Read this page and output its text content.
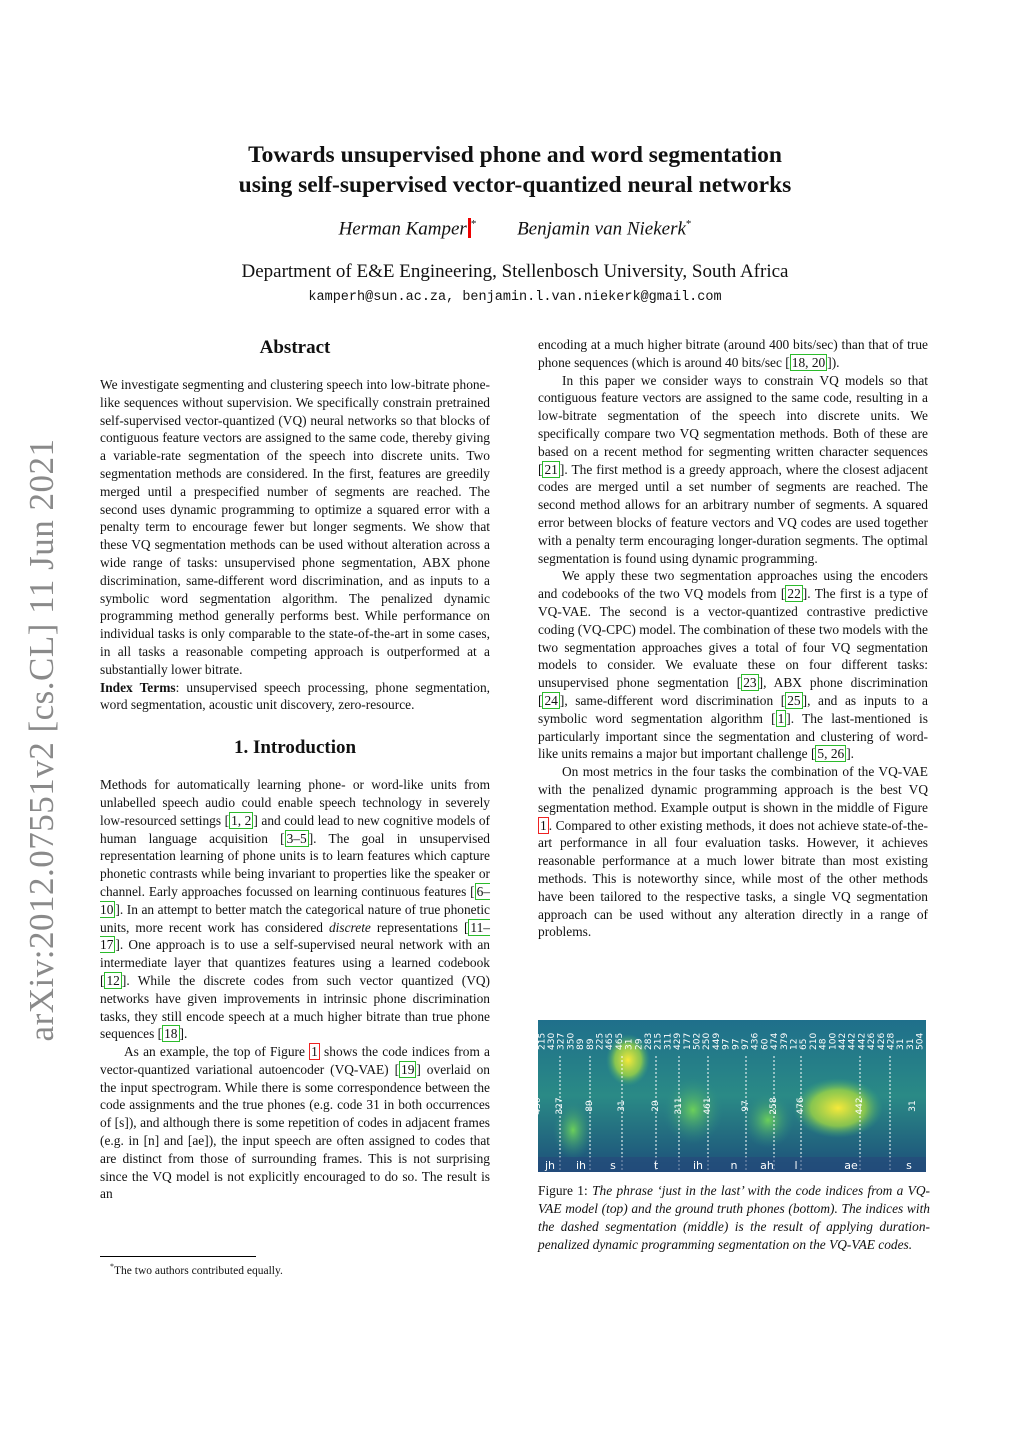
arXiv:2012.07551v2 [cs.CL] 11 Jun 2021
Towards unsupervised phone and word segmentation
using self-supervised vector-quantized neural networks
Herman Kamper * Benjamin van Niekerk*
Department of E&E Engineering, Stellenbosch University, South Africa
kamperh@sun.ac.za, benjamin.l.van.niekerk@gmail.com
Abstract

We investigate segmenting and clustering speech into low-bitrate phone-like sequences without supervision. We specifically constrain pretrained self-supervised vector-quantized (VQ) neural networks so that blocks of contiguous feature vectors are assigned to the same code, thereby giving a variable-rate segmentation of the speech into discrete units. Two segmentation methods are considered. In the first, features are greedily merged until a prespecified number of segments are reached. The second uses dynamic programming to optimize a squared error with a penalty term to encourage fewer but longer segments. We show that these VQ segmentation methods can be used without alteration across a wide range of tasks: unsupervised phone segmentation, ABX phone discrimination, same-different word discrimination, and as inputs to a symbolic word segmentation algorithm. The penalized dynamic programming method generally performs best. While performance on individual tasks is only comparable to the state-of-the-art in some cases, in all tasks a reasonable competing approach is outperformed at a substantially lower bitrate.

Index Terms: unsupervised speech processing, phone segmentation, word segmentation, acoustic unit discovery, zero-resource.

1. Introduction

Methods for automatically learning phone- or word-like units from unlabelled speech audio could enable speech technology in severely low-resourced settings [ 1, 2 ] and could lead to new cognitive models of human language acquisition [ 3–5 ]. The goal in unsupervised representation learning of phone units is to learn features which capture phonetic contrasts while being invariant to properties like the speaker or channel. Early approaches focussed on learning continuous features [ 6–10 ]. In an attempt to better match the categorical nature of true phonetic units, more recent work has considered discrete representations [ 11–17 ]. One approach is to use a self-supervised neural network with an intermediate layer that quantizes features using a learned codebook [ 12 ]. While the discrete codes from such vector quantized (VQ) networks have given improvements in intrinsic phone discrimination tasks, they still encode speech at a much higher bitrate than true phone sequences [ 18 ].

As an example, the top of Figure 1 shows the code indices from a vector-quantized variational autoencoder (VQ-VAE) [ 19 ] overlaid on the input spectrogram. While there is some correspondence between the code assignments and the true phones (e.g. code 31 in both occurrences of [s]), and although there is some repetition of codes in adjacent frames (e.g. in [n] and [ae]), the input speech are often assigned to codes that are distinct from those of surrounding frames. This is not surprising since the VQ model is not explicitly encouraged to do so. The result is an

encoding at a much higher bitrate (around 400 bits/sec) than that of true phone sequences (which is around 40 bits/sec [ 18, 20 ]).

In this paper we consider ways to constrain VQ models so that contiguous feature vectors are assigned to the same code, resulting in a low-bitrate segmentation of the speech into discrete units. We specifically compare two VQ segmentation methods. Both of these are based on a recent method for segmenting written character sequences [ 21 ]. The first method is a greedy approach, where the closest adjacent codes are merged until a set number of segments are reached. The second method allows for an arbitrary number of segments. A squared error between blocks of feature vectors and VQ codes are used together with a penalty term encouraging longer-duration segments. The optimal segmentation is found using dynamic programming.

We apply these two segmentation approaches using the encoders and codebooks of the two VQ models from [ 22 ]. The first is a type of VQ-VAE. The second is a vector-quantized contrastive predictive coding (VQ-CPC) model. The combination of these two models with the two segmentation approaches gives a total of four VQ segmentation models to consider. We evaluate these on four different tasks: unsupervised phone segmentation [ 23 ], ABX phone discrimination [ 24 ], same-different word discrimination [ 25 ], and as inputs to a symbolic word segmentation algorithm [ 1 ]. The last-mentioned is particularly important since the segmentation and clustering of word-like units remains a major but important challenge [ 5, 26 ].

On most metrics in the four tasks the combination of the VQ-VAE with the penalized dynamic programming approach is the best VQ segmentation method. Example output is shown in the middle of Figure 1 . Compared to other existing methods, it does not achieve state-of-the-art performance in all four evaluation tasks. However, it achieves reasonable performance at a much lower bitrate than most existing methods. This is noteworthy since, while most of the other methods have been tailored to the respective tasks, a single VQ segmentation approach can be used without any alteration directly in a range of problems.

215 430 327 350 89 89 225 465 465 31 29 283 215 311 429 177 502 250 449 97 97 97 436 60 474 379 12 65 210 48 100 442 442 442 426 426 428 31 31 504
430 327 89 31	29 311 461	97 258 476	442	31
jh ih s	t	ih n ah l	ae	s
Figure 1: The phrase ‘just in the last’ with the code indices from a VQ-VAE model (top) and the ground truth phones (bottom). The indices with the dashed segmentation (middle) is the result of applying duration-penalized dynamic programming segmentation on the VQ-VAE codes.
*The two authors contributed equally.
